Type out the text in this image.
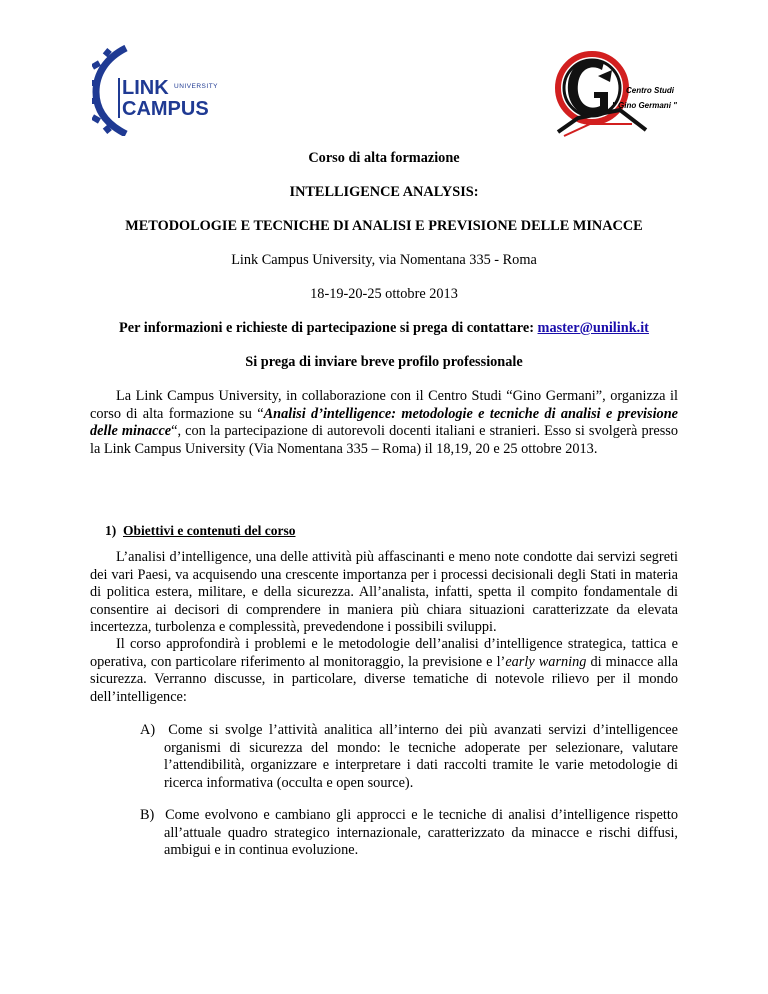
LINK UNIVERSITY
CAMPUS
Centro Studi
" Gino Germani "
Corso di alta formazione
INTELLIGENCE ANALYSIS:
METODOLOGIE E TECNICHE DI ANALISI E PREVISIONE DELLE MINACCE
Link Campus University, via Nomentana 335 - Roma
18-19-20-25 ottobre 2013
Per informazioni e richieste di partecipazione si prega di contattare: master@unilink.it
Si prega di inviare breve profilo professionale

La Link Campus University, in collaborazione con il Centro Studi “Gino Germani”, organizza il corso di alta formazione su “Analisi d’intelligence: metodologie e tecniche di analisi e previsione delle minacce“, con la partecipazione di autorevoli docenti italiani e stranieri. Esso si svolgerà presso la Link Campus University (Via Nomentana 335 – Roma) il 18,19, 20 e 25 ottobre 2013.

1) Obiettivi e contenuti del corso

L’analisi d’intelligence, una delle attività più affascinanti e meno note condotte dai servizi segreti dei vari Paesi, va acquisendo una crescente importanza per i processi decisionali degli Stati in materia di politica estera, militare, e della sicurezza. All’analista, infatti, spetta il compito fondamentale di consentire ai decisori di comprendere in maniera più chiara situazioni caratterizzate da elevata incertezza, turbolenza e complessità, prevedendone i possibili sviluppi.

Il corso approfondirà i problemi e le metodologie dell’analisi d’intelligence strategica, tattica e operativa, con particolare riferimento al monitoraggio, la previsione e l’early warning di minacce alla sicurezza. Verranno discusse, in particolare, diverse tematiche di notevole rilievo per il mondo dell’intelligence:

A) Come si svolge l’attività analitica all’interno dei più avanzati servizi d’intelligencee organismi di sicurezza del mondo: le tecniche adoperate per selezionare, valutare l’attendibilità, organizzare e interpretare i dati raccolti tramite le varie metodologie di ricerca informativa (occulta e open source).

B) Come evolvono e cambiano gli approcci e le tecniche di analisi d’intelligence rispetto all’attuale quadro strategico internazionale, caratterizzato da minacce e rischi diffusi, ambigui e in continua evoluzione.
